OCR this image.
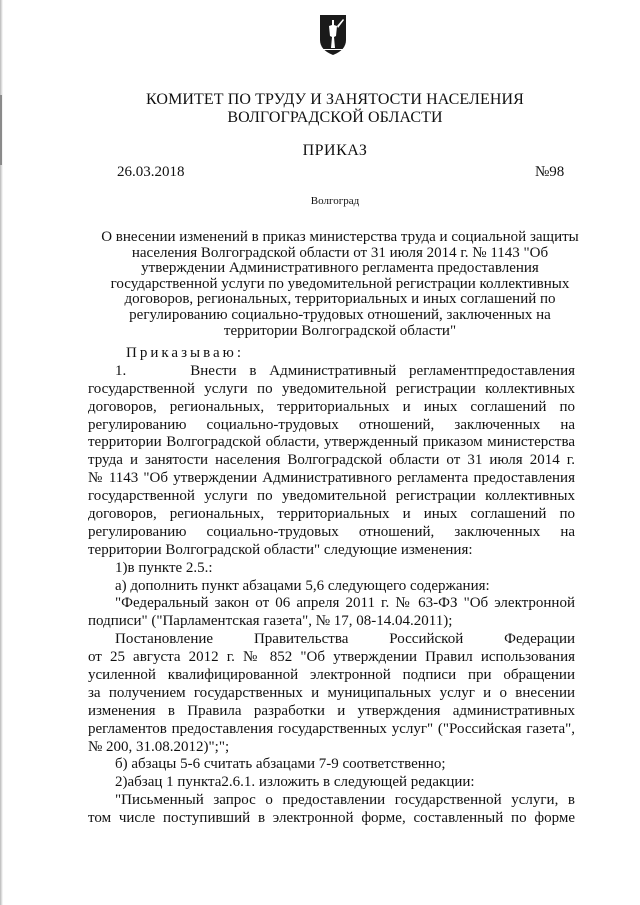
КОМИТЕТ ПО ТРУДУ И ЗАНЯТОСТИ НАСЕЛЕНИЯ
ВОЛГОГРАДСКОЙ ОБЛАСТИ
ПРИКАЗ
26.03.2018	№98
Волгоград
О внесении изменений в приказ министерства труда и социальной защиты
населения Волгоградской области от 31 июля 2014 г. № 1143 "Об
утверждении Административного регламента предоставления
государственной услуги по уведомительной регистрации коллективных
договоров, региональных, территориальных и иных соглашений по
регулированию социально-трудовых отношений, заключенных на
территории Волгоградской области"
Приказываю:
1.     Внести в Административный регламентпредоставления
государственной услуги по уведомительной регистрации коллективных
договоров, региональных, территориальных и иных соглашений по
регулированию социально-трудовых отношений, заключенных на
территории Волгоградской области, утвержденный приказом министерства
труда и занятости населения Волгоградской области от 31 июля 2014 г.
№ 1143 "Об утверждении Административного регламента предоставления
государственной услуги по уведомительной регистрации коллективных
договоров, региональных, территориальных и иных соглашений по
регулированию социально-трудовых отношений, заключенных на
территории Волгоградской области" следующие изменения:
1)в пункте 2.5.:
а) дополнить пункт абзацами 5,6 следующего содержания:
"Федеральный закон от 06 апреля 2011 г. № 63-ФЗ "Об электронной
подписи" ("Парламентская газета", № 17, 08-14.04.2011);
Постановление Правительства Российской Федерации
от 25 августа 2012 г. № 852 "Об утверждении Правил использования
усиленной квалифицированной электронной подписи при обращении
за получением государственных и муниципальных услуг и о внесении
изменения в Правила разработки и утверждения административных
регламентов предоставления государственных услуг" ("Российская газета",
№ 200, 31.08.2012)";";
б) абзацы 5-6 считать абзацами 7-9 соответственно;
2)абзац 1 пункта2.6.1. изложить в следующей редакции:
"Письменный запрос о предоставлении государственной услуги, в
том числе поступивший в электронной форме, составленный по форме
